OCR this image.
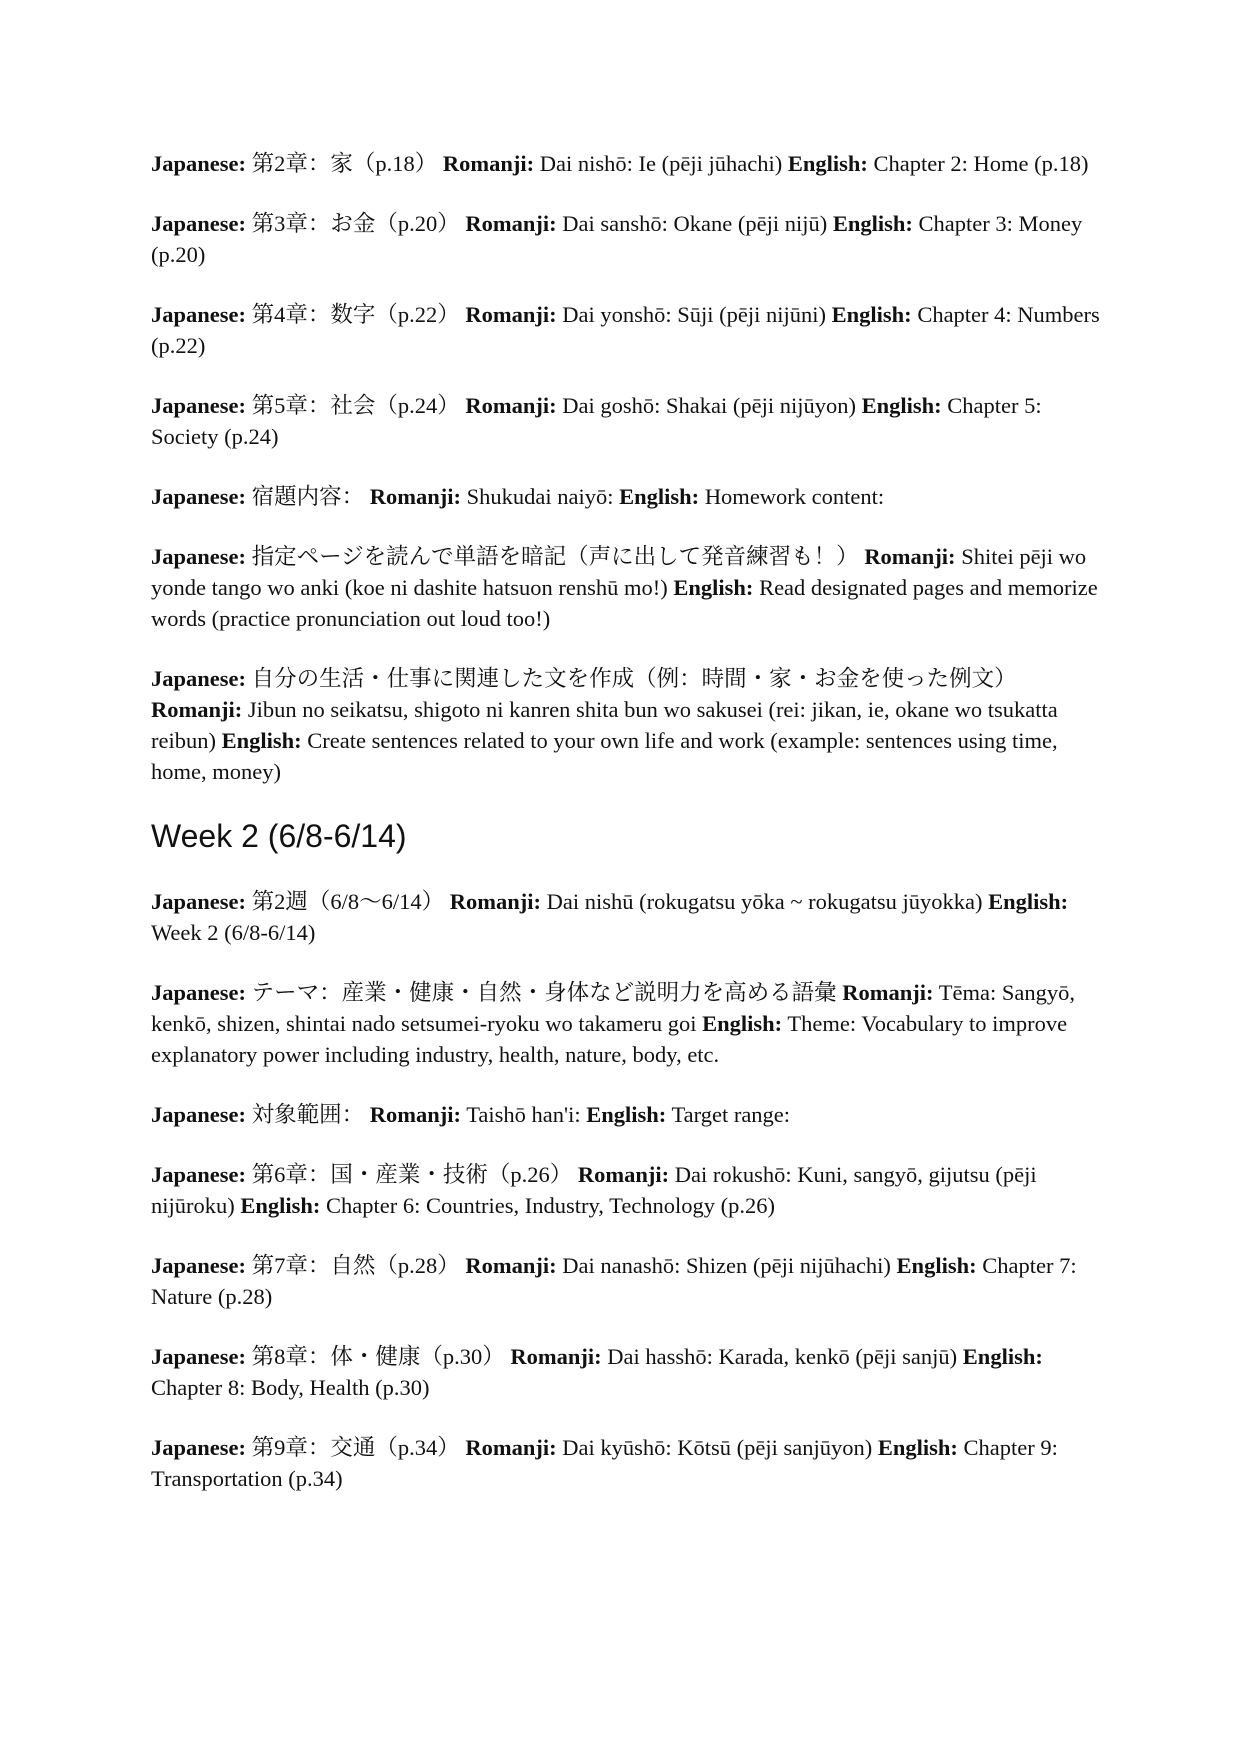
Japanese: 第2章：家（p.18） Romanji: Dai nishō: Ie (pēji jūhachi) English: Chapter 2: Home (p.18)

Japanese: 第3章：お金（p.20） Romanji: Dai sanshō: Okane (pēji nijū) English: Chapter 3: Money (p.20)

Japanese: 第4章：数字（p.22） Romanji: Dai yonshō: Sūji (pēji nijūni) English: Chapter 4: Numbers (p.22)

Japanese: 第5章：社会（p.24） Romanji: Dai goshō: Shakai (pēji nijūyon) English: Chapter 5: Society (p.24)

Japanese: 宿題内容： Romanji: Shukudai naiyō: English: Homework content:

Japanese: 指定ページを読んで単語を暗記（声に出して発音練習も！） Romanji: Shitei pēji wo yonde tango wo anki (koe ni dashite hatsuon renshū mo!) English: Read designated pages and memorize words (practice pronunciation out loud too!)

Japanese: 自分の生活・仕事に関連した文を作成（例：時間・家・お金を使った例文） Romanji: Jibun no seikatsu, shigoto ni kanren shita bun wo sakusei (rei: jikan, ie, okane wo tsukatta reibun) English: Create sentences related to your own life and work (example: sentences using time, home, money)

Week 2 (6/8-6/14)

Japanese: 第2週（6/8〜6/14） Romanji: Dai nishū (rokugatsu yōka ~ rokugatsu jūyokka) English: Week 2 (6/8-6/14)

Japanese: テーマ：産業・健康・自然・身体など説明力を高める語彙 Romanji: Tēma: Sangyō, kenkō, shizen, shintai nado setsumei-ryoku wo takameru goi English: Theme: Vocabulary to improve explanatory power including industry, health, nature, body, etc.

Japanese: 対象範囲： Romanji: Taishō han'i: English: Target range:

Japanese: 第6章：国・産業・技術（p.26） Romanji: Dai rokushō: Kuni, sangyō, gijutsu (pēji nijūroku) English: Chapter 6: Countries, Industry, Technology (p.26)

Japanese: 第7章：自然（p.28） Romanji: Dai nanashō: Shizen (pēji nijūhachi) English: Chapter 7: Nature (p.28)

Japanese: 第8章：体・健康（p.30） Romanji: Dai hasshō: Karada, kenkō (pēji sanjū) English: Chapter 8: Body, Health (p.30)

Japanese: 第9章：交通（p.34） Romanji: Dai kyūshō: Kōtsū (pēji sanjūyon) English: Chapter 9: Transportation (p.34)
